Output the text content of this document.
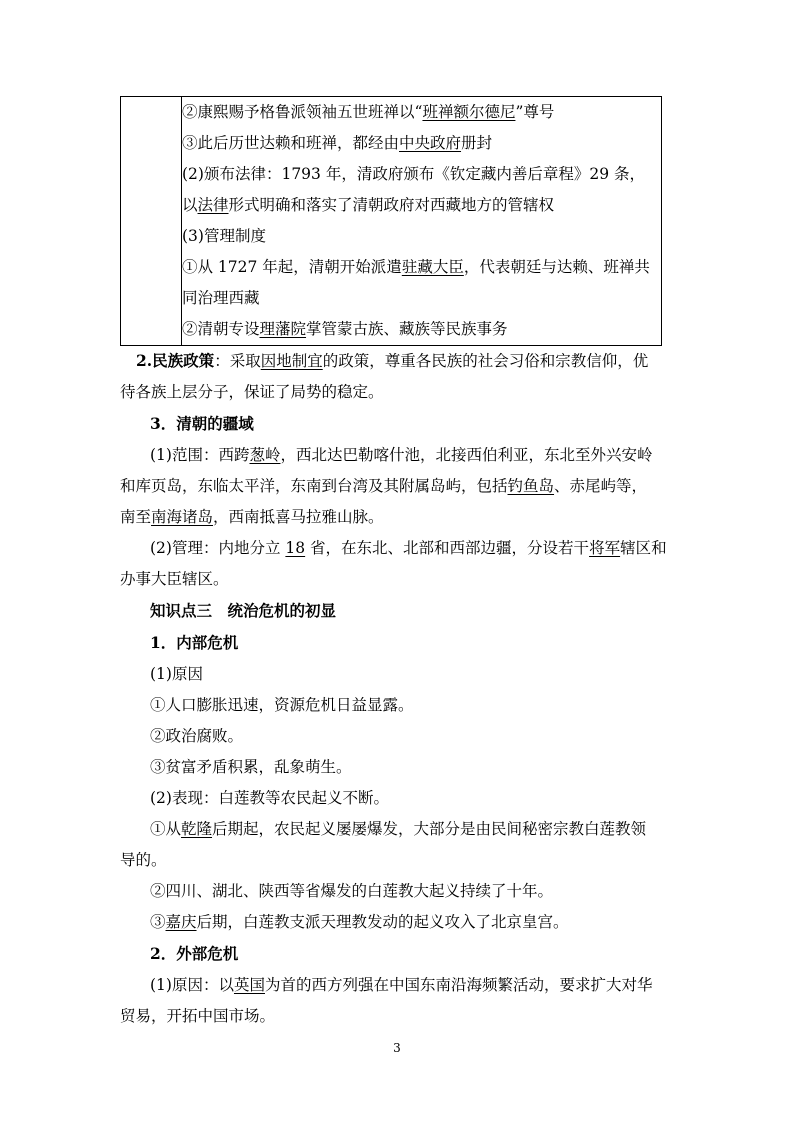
②康熙赐予格鲁派领袖五世班禅以“班禅额尔德尼”尊号
③此后历世达赖和班禅，都经由中央政府册封
(2)颁布法律：1793 年，清政府颁布《钦定藏内善后章程》29 条，
以法律形式明确和落实了清朝政府对西藏地方的管辖权
(3)管理制度
①从 1727 年起，清朝开始派遣驻藏大臣，代表朝廷与达赖、班禅共
同治理西藏
②清朝专设理藩院掌管蒙古族、藏族等民族事务
2.民族政策：采取因地制宜的政策，尊重各民族的社会习俗和宗教信仰，优
待各族上层分子，保证了局势的稳定。
3．清朝的疆域
(1)范围：西跨葱岭，西北达巴勒喀什池，北接西伯利亚，东北至外兴安岭
和库页岛，东临太平洋，东南到台湾及其附属岛屿，包括钓鱼岛、赤尾屿等，
南至南海诸岛，西南抵喜马拉雅山脉。
(2)管理：内地分立 18 省，在东北、北部和西部边疆，分设若干将军辖区和
办事大臣辖区。
知识点三　统治危机的初显
1．内部危机
(1)原因
①人口膨胀迅速，资源危机日益显露。
②政治腐败。
③贫富矛盾积累，乱象萌生。
(2)表现：白莲教等农民起义不断。
①从乾隆后期起，农民起义屡屡爆发，大部分是由民间秘密宗教白莲教领
导的。
②四川、湖北、陕西等省爆发的白莲教大起义持续了十年。
③嘉庆后期，白莲教支派天理教发动的起义攻入了北京皇宫。
2．外部危机
(1)原因：以英国为首的西方列强在中国东南沿海频繁活动，要求扩大对华
贸易，开拓中国市场。
3
